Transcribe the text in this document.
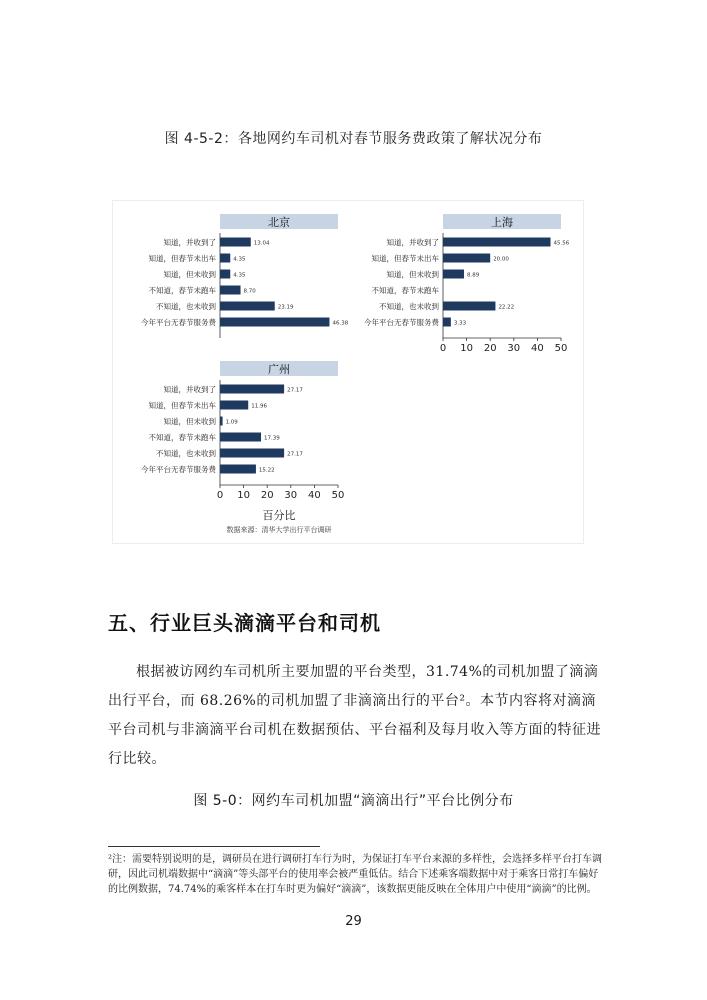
图 4-5-2：各地网约车司机对春节服务费政策了解状况分布
北京
知道，并收到了	13.04
知道，但春节未出车	4.35
知道，但未收到	4.35
不知道，春节未跑车	8.70
不知道，也未收到	23.19
今年平台无春节服务费	46.38
上海
知道，并收到了	45.56
知道，但春节未出车	20.00
知道，但未收到	8.89
不知道，春节未跑车
不知道，也未收到	22.22
今年平台无春节服务费	3.33
0 10 20 30 40 50
广州
知道，并收到了	27.17
知道，但春节未出车	11.96
知道，但未收到 1.09
不知道，春节未跑车	17.39
不知道，也未收到	27.17
今年平台无春节服务费	15.22
0 10 20 30 40 50
百分比
数据来源：清华大学出行平台调研
五、行业巨头滴滴平台和司机
根据被访网约车司机所主要加盟的平台类型，31.74%的司机加盟了滴滴出行平台，而 68.26%的司机加盟了非滴滴出行的平台²。本节内容将对滴滴平台司机与非滴滴平台司机在数据预估、平台福利及每月收入等方面的特征进行比较。
图 5-0：网约车司机加盟“滴滴出行”平台比例分布
²注：需要特别说明的是，调研员在进行调研打车行为时，为保证打车平台来源的多样性，会选择多样平台打车调研，因此司机端数据中“滴滴”等头部平台的使用率会被严重低估。结合下述乘客端数据中对于乘客日常打车偏好的比例数据，74.74%的乘客样本在打车时更为偏好“滴滴”，该数据更能反映在全体用户中使用“滴滴”的比例。
29
